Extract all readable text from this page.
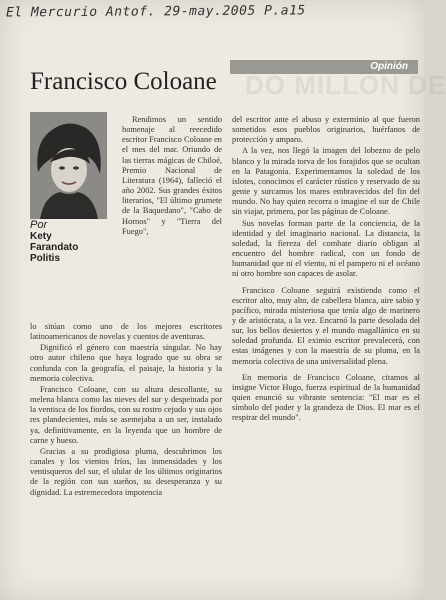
El Mercurio Antof. 29-may.2005 P.a15
Opinión
DO MILLÓN DE
Francisco Coloane
Por
Kety
Farandato
Politis

Rendimos un sentido homenaje al reecedido escritor Francisco Coloane en el mes del mar. Oriundo de las tierras mágicas de Chiloé, Premio Nacional de Literatura (1964), falleció el año 2002. Sus grandes éxitos literarios, "El último grumete de la Baquedano", "Cabo de Hornos" y "Tierra del Fuego",

lo sitúan como uno de los mejores escritores latinoamericanos de novelas y cuentos de aventuras.

Dignificó el género con maestría singular. No hay otro autor chileno que haya logrado que su obra se confunda con la geografía, el paisaje, la historia y la memoria colectiva.

Francisco Coloane, con su altura descollante, su melena blanca como las nieves del sur y despeinada por la ventisca de los fiordos, con su rostro cejudo y sus ojos res plandecientes, más se asemejaba a un ser, instalado ya, definitivamente, en la leyenda que un hombre de carne y hueso.

Gracias a su prodigiosa pluma, descubrimos los canales y los vientos fríos, las inmensidades y los ventisqueros del sur, el ulular de los últimos originarios de la región con sus sueños, su desesperanza y su dignidad. La estremecedora impotencia

del escritor ante el abuso y exterminio al que fueron sometidos esos pueblos originarios, huérfanos de protección y amparo.

A la vez, nos llegó la imagen del lobezno de pelo blanco y la mirada torva de los forajidos que se ocultan en la Patagonia. Experimentamos la soledad de los islotes, conocimos el carácter rústico y reservado de su gente y surcamos los mares embravecidos del fin del mundo. No hay quien recorra o imagine el sur de Chile sin viajar, primero, por las páginas de Coloane.

Sus novelas forman parte de la conciencia, de la identidad y del imaginario nacional. La distancia, la soledad, la fiereza del combate diario obligan al encuentro del hombre radical, con un fondo de humanidad que ni el viento, ni el pampero ni el océano ni otro hombre son capaces de asolar.

Francisco Coloane seguirá existiendo como el escritor alto, muy alto, de cabellera blanca, aire sabio y pacífico, mirada misteriosa que tenía algo de marinero y de aristócrata, a la vez. Encarnó la parte desolada del sur, los bellos desiertos y el mundo magallánico en su soledad profunda. El eximio escritor prevalecerá, con estas imágenes y con la maestría de su pluma, en la memoria colectiva de una universalidad plena.

En memoria de Francisco Coloane, citamos al insigne Victor Hugo, fuerza espiritual de la humanidad quien enunció su vibrante sentencia: "El mar es el símbolo del poder y la grandeza de Dios. El mar es el respirar del mundo".
